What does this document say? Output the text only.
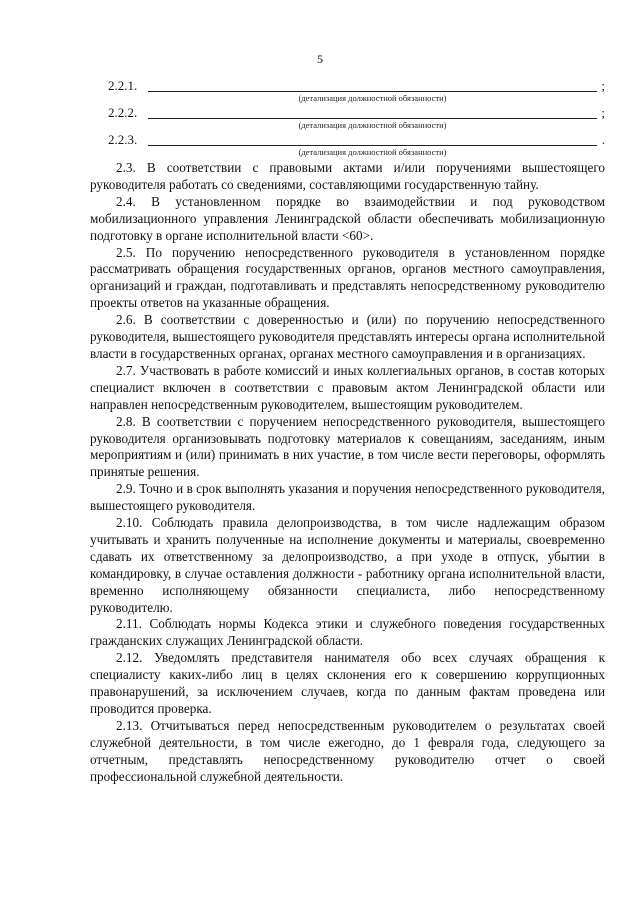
5
2.2.1.	;
(детализация должностной обязанности)
2.2.2.	;
(детализация должностной обязанности)
2.2.3.	.
(детализация должностной обязанности)

2.3. В соответствии с правовыми актами и/или поручениями вышестоящего руководителя работать со сведениями, составляющими государственную тайну.

2.4. В установленном порядке во взаимодействии и под руководством мобилизационного управления Ленинградской области обеспечивать мобилизационную подготовку в органе исполнительной власти <60>.

2.5. По поручению непосредственного руководителя в установленном порядке рассматривать обращения государственных органов, органов местного самоуправления, организаций и граждан, подготавливать и представлять непосредственному руководителю проекты ответов на указанные обращения.

2.6. В соответствии с доверенностью и (или) по поручению непосредственного руководителя, вышестоящего руководителя представлять интересы органа исполнительной власти в государственных органах, органах местного самоуправления и в организациях.

2.7. Участвовать в работе комиссий и иных коллегиальных органов, в состав которых специалист включен в соответствии с правовым актом Ленинградской области или направлен непосредственным руководителем, вышестоящим руководителем.

2.8. В соответствии с поручением непосредственного руководителя, вышестоящего руководителя организовывать подготовку материалов к совещаниям, заседаниям, иным мероприятиям и (или) принимать в них участие, в том числе вести переговоры, оформлять принятые решения.

2.9. Точно и в срок выполнять указания и поручения непосредственного руководителя, вышестоящего руководителя.

2.10. Соблюдать правила делопроизводства, в том числе надлежащим образом учитывать и хранить полученные на исполнение документы и материалы, своевременно сдавать их ответственному за делопроизводство, а при уходе в отпуск, убытии в командировку, в случае оставления должности - работнику органа исполнительной власти, временно исполняющему обязанности специалиста, либо непосредственному руководителю.

2.11. Соблюдать нормы Кодекса этики и служебного поведения государственных гражданских служащих Ленинградской области.

2.12. Уведомлять представителя нанимателя обо всех случаях обращения к специалисту каких-либо лиц в целях склонения его к совершению коррупционных правонарушений, за исключением случаев, когда по данным фактам проведена или проводится проверка.

2.13. Отчитываться перед непосредственным руководителем о результатах своей служебной деятельности, в том числе ежегодно, до 1 февраля года, следующего за отчетным, представлять непосредственному руководителю отчет о своей профессиональной служебной деятельности.
